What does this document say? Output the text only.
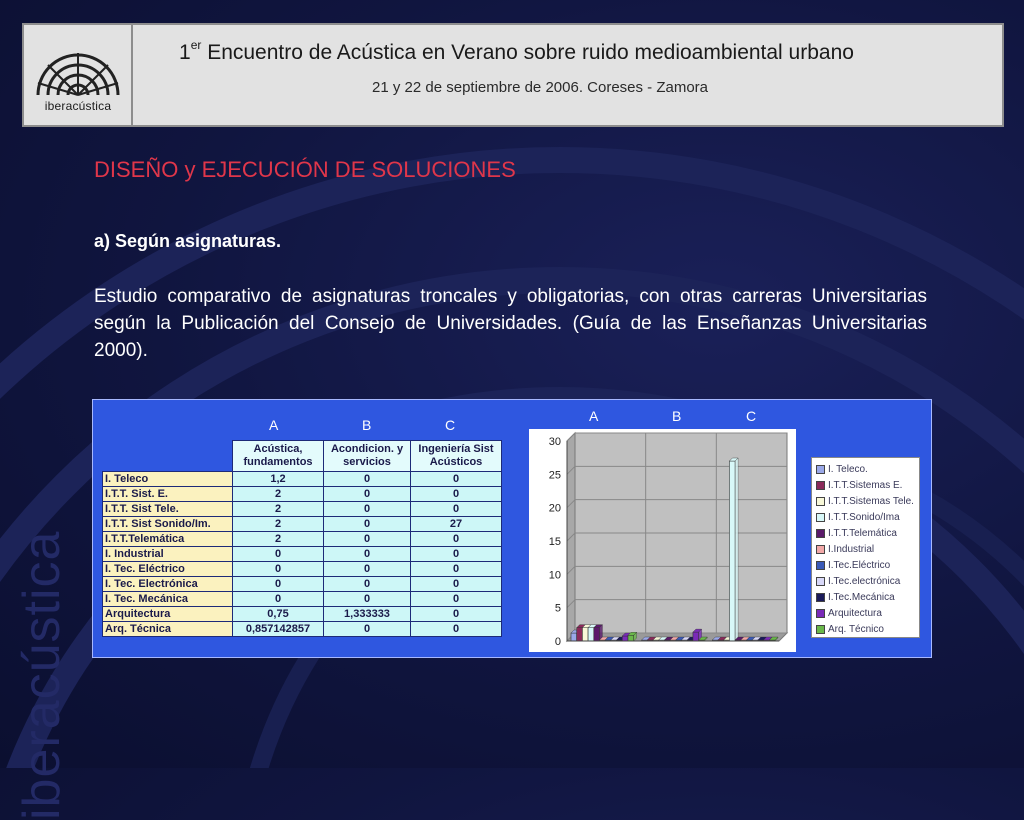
iberacústica
iberacústica
1er Encuentro de Acústica en Verano sobre ruido medioambiental urbano
21 y 22 de septiembre de 2006. Coreses - Zamora
DISEÑO y EJECUCIÓN DE SOLUCIONES
a) Según asignaturas.
Estudio comparativo de asignaturas troncales y obligatorias, con otras carreras Universitarias según la Publicación del Consejo de Universidades. (Guía de las Enseñanzas Universitarias 2000).
A	B	C
	Acústica, fundamentos	Acondicion. y servicios	Ingeniería Sist Acústicos
I. Teleco	1,2	0	0
I.T.T. Sist. E.	2	0	0
I.T.T. Sist Tele.	2	0	0
I.T.T. Sist Sonido/Im.	2	0	27
I.T.T.Telemática	2	0	0
I. Industrial	0	0	0
I. Tec. Eléctrico	0	0	0
I. Tec. Electrónica	0	0	0
I. Tec. Mecánica	0	0	0
Arquitectura	0,75	1,333333	0
Arq. Técnica	0,857142857	0	0
A	B	C
0
5
10
15
20
25
30
I. Teleco.
I.T.T.Sistemas E.
I.T.T.Sistemas Tele.
I.T.T.Sonido/Ima
I.T.T.Telemática
I.Industrial
I.Tec.Eléctrico
I.Tec.electrónica
I.Tec.Mecánica
Arquitectura
Arq. Técnico
